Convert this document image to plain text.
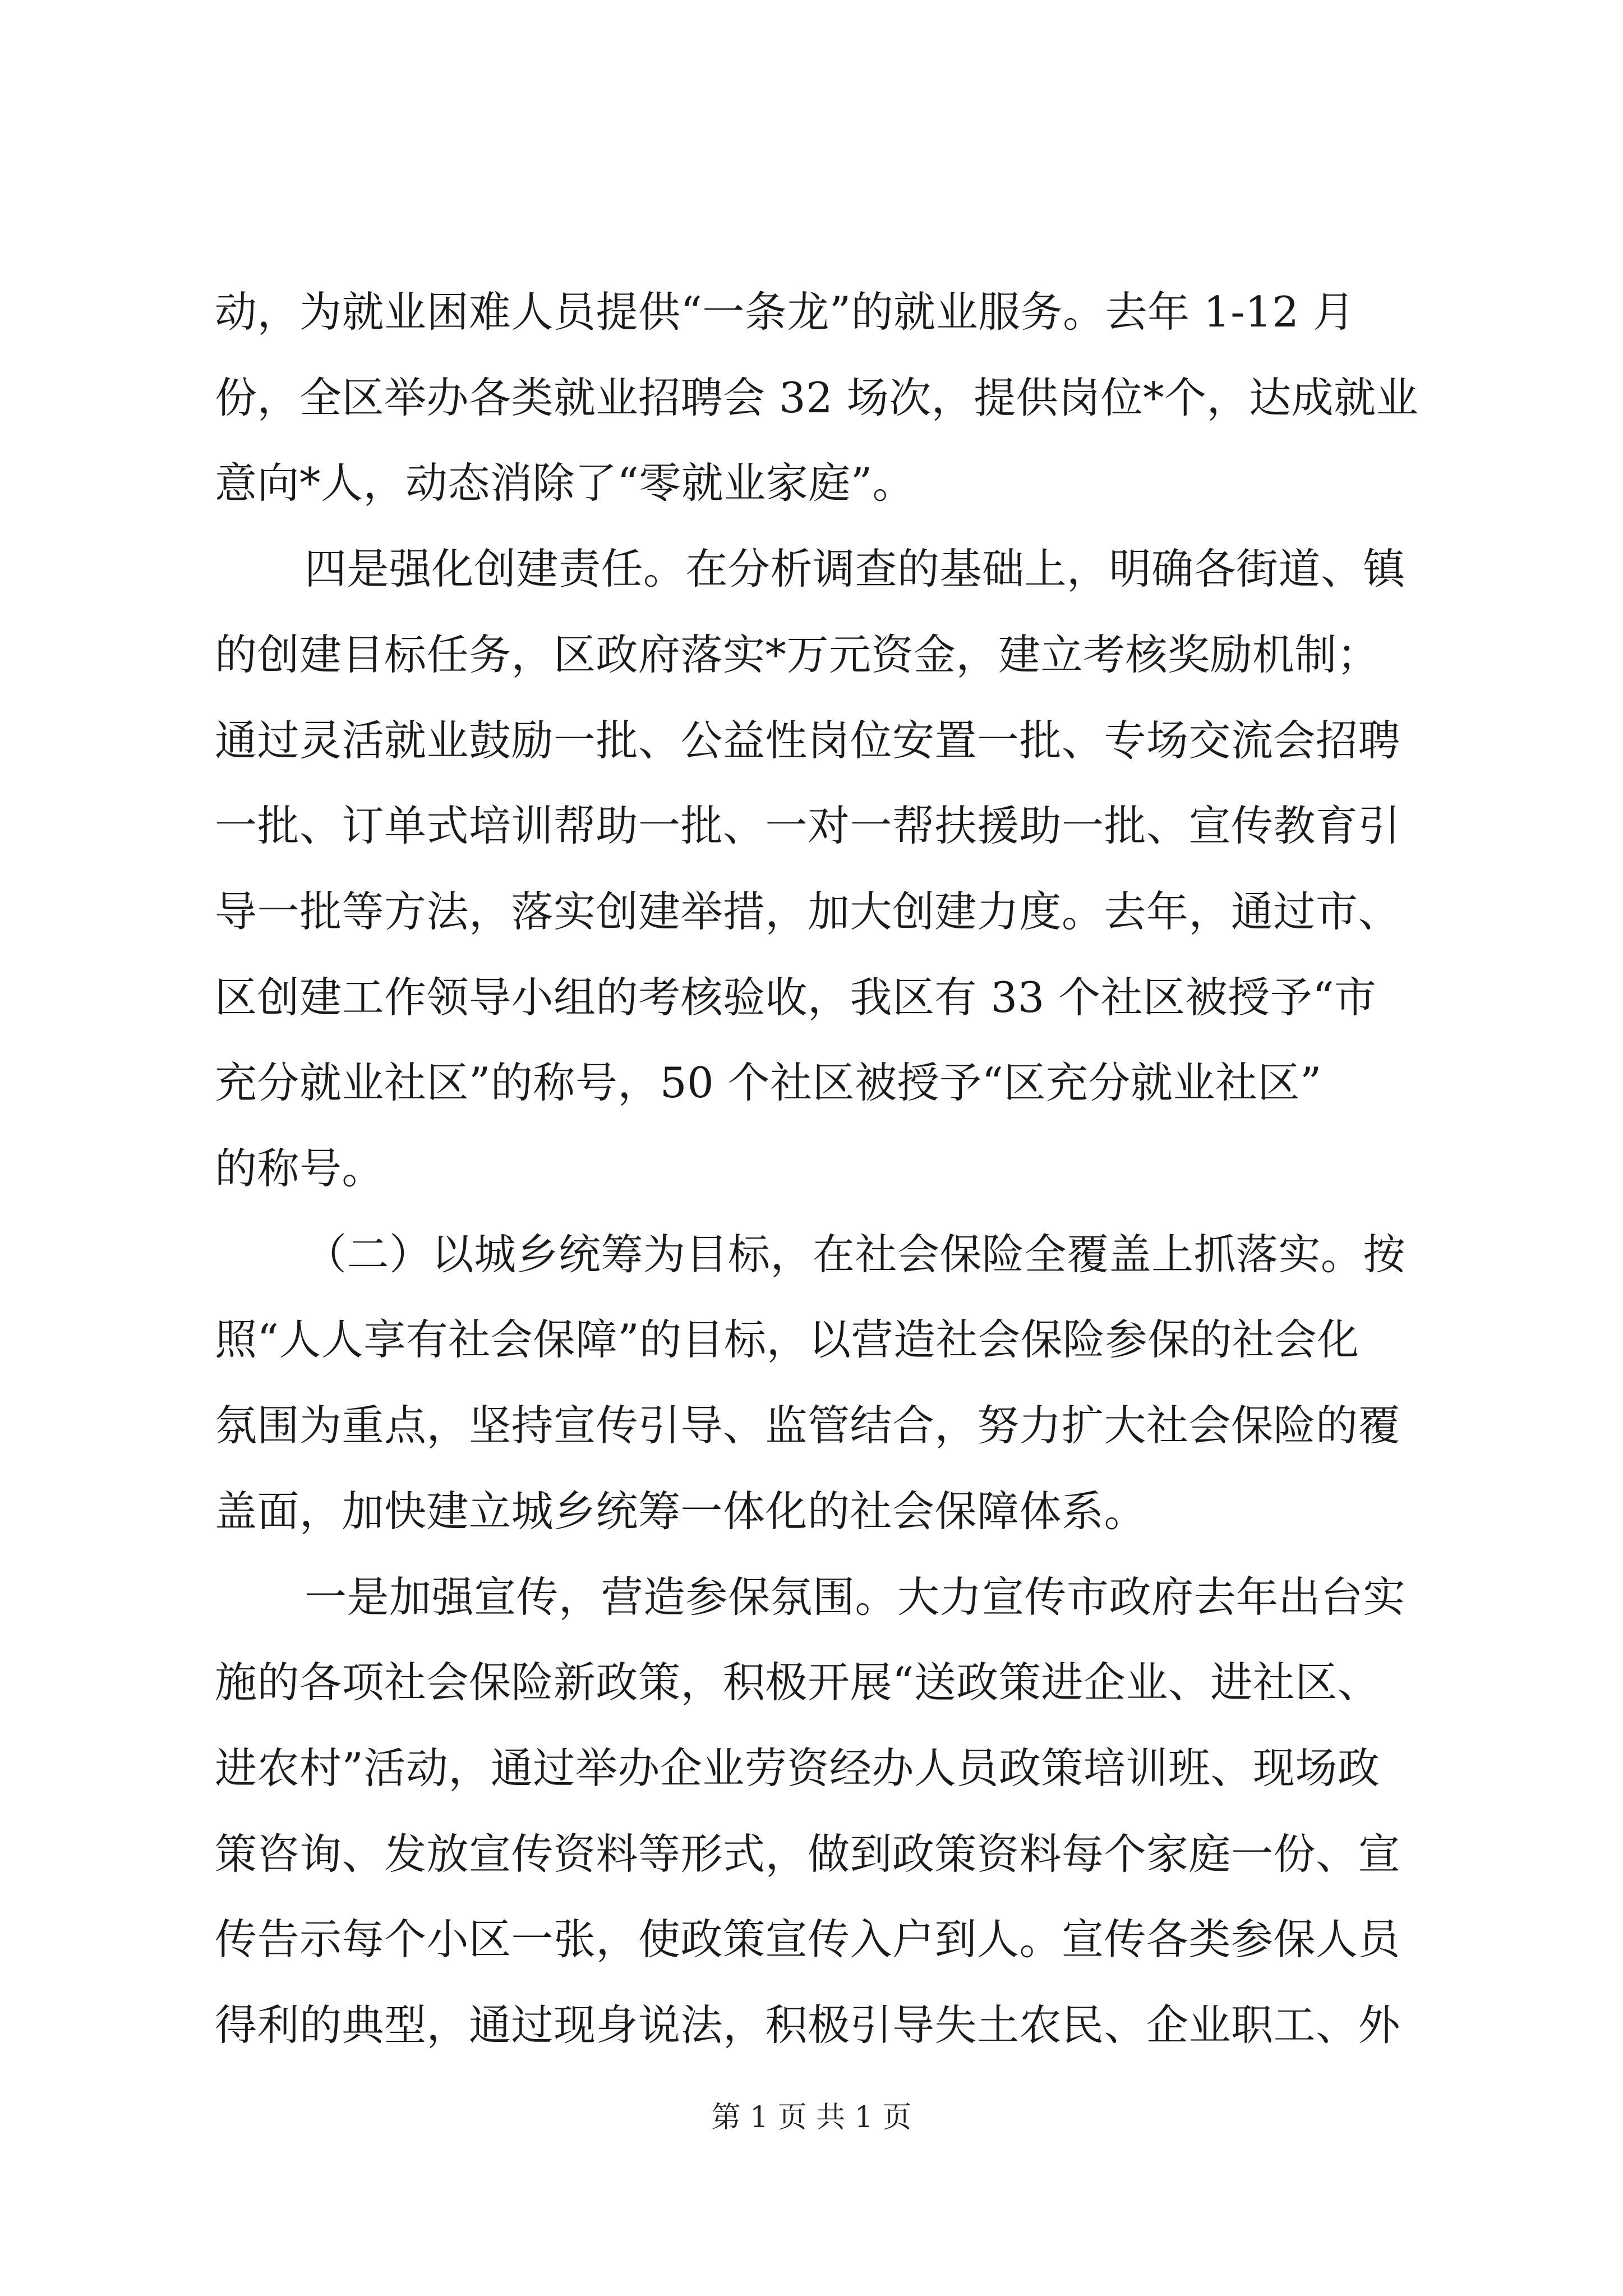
动，为就业困难人员提供“一条龙”的就业服务。去年 1-12 月
份，全区举办各类就业招聘会 32 场次，提供岗位*个，达成就业
意向*人，动态消除了“零就业家庭”。
四是强化创建责任。在分析调查的基础上，明确各街道、镇
的创建目标任务，区政府落实*万元资金，建立考核奖励机制；
通过灵活就业鼓励一批、公益性岗位安置一批、专场交流会招聘
一批、订单式培训帮助一批、一对一帮扶援助一批、宣传教育引
导一批等方法，落实创建举措，加大创建力度。去年，通过市、
区创建工作领导小组的考核验收，我区有 33 个社区被授予“市
充分就业社区”的称号，50 个社区被授予“区充分就业社区”
的称号。
（二）以城乡统筹为目标，在社会保险全覆盖上抓落实。按
照“人人享有社会保障”的目标，以营造社会保险参保的社会化
氛围为重点，坚持宣传引导、监管结合，努力扩大社会保险的覆
盖面，加快建立城乡统筹一体化的社会保障体系。
一是加强宣传，营造参保氛围。大力宣传市政府去年出台实
施的各项社会保险新政策，积极开展“送政策进企业、进社区、
进农村”活动，通过举办企业劳资经办人员政策培训班、现场政
策咨询、发放宣传资料等形式，做到政策资料每个家庭一份、宣
传告示每个小区一张，使政策宣传入户到人。宣传各类参保人员
得利的典型，通过现身说法，积极引导失土农民、企业职工、外
第 1 页 共 1 页
